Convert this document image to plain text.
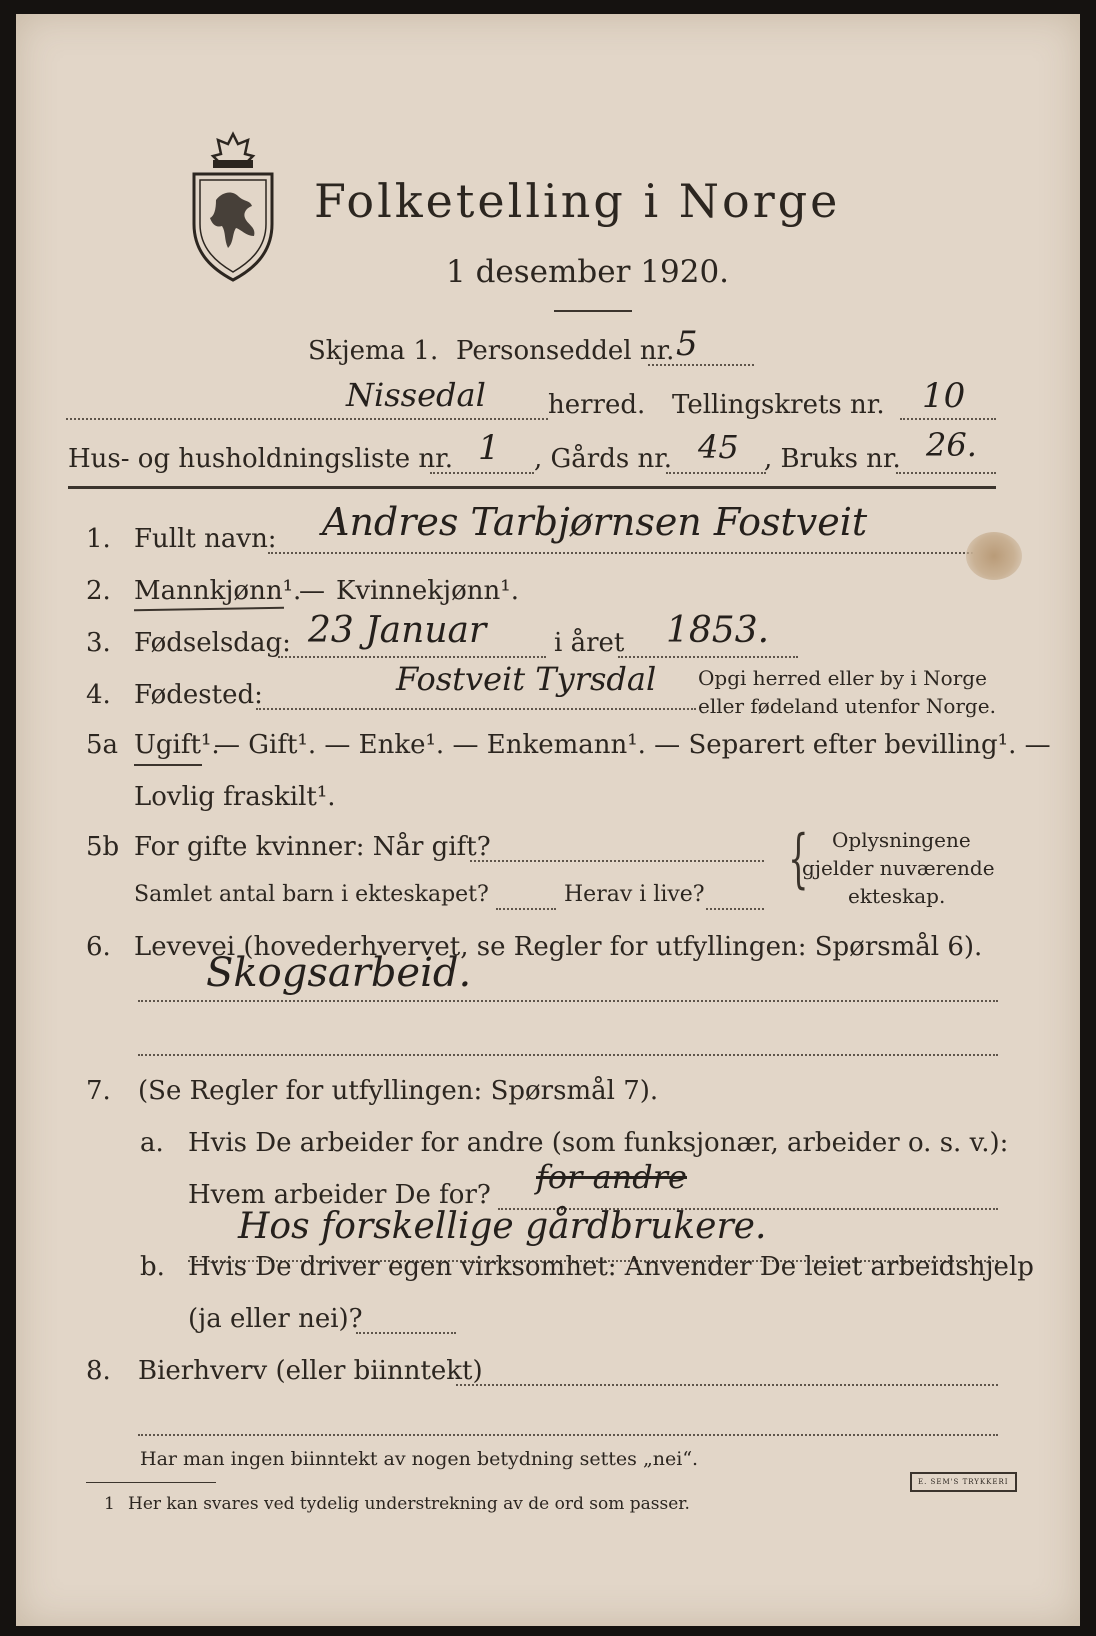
Folketelling i Norge
1 desember 1920.
Skjema 1. Personseddel nr. 5
Nissedal herred. Tellingskrets nr. 10
Hus- og husholdningsliste nr. 1 , Gårds nr. 45 , Bruks nr. 26.
1. Fullt navn: Andres Tarbjørnsen Fostveit
2. Mannkjønn¹.
— Kvinnekjønn¹.
3. Fødselsdag: 23 Januar	i året 1853.
4. Fødested:	Fostveit Tyrsdal Opgi herred eller by i Norge
eller fødeland utenfor Norge.
5a Ugift¹.
— Gift¹. — Enke¹. — Enkemann¹. — Separert efter bevilling¹. —
Lovlig fraskilt¹.
5b For gifte kvinner: Når gift?
Samlet antal barn i ekteskapet?	Herav i live? { Oplysningene
gjelder nuværende
ekteskap.
6. Levevei (hovederhvervet, se Regler for utfyllingen: Spørsmål 6).
Skogsarbeid.
7. (Se Regler for utfyllingen: Spørsmål 7).
a. Hvis De arbeider for andre (som funksjonær, arbeider o. s. v.):
Hvem arbeider De for? for andre
Hos forskellige gårdbrukere.
b. Hvis De driver egen virksomhet: Anvender De leiet arbeidshjelp
(ja eller nei)?
8. Bierhverv (eller biinntekt)
Har man ingen biinntekt av nogen betydning settes „nei“.
1 Her kan svares ved tydelig understrekning av de ord som passer.
E. SEM'S TRYKKERI
